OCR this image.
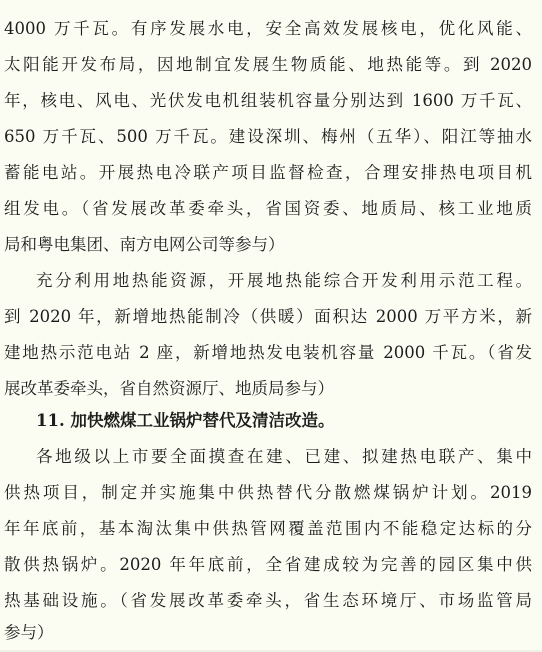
4000 万千瓦。有序发展水电，安全高效发展核电，优化风能、
太阳能开发布局，因地制宜发展生物质能、地热能等。到 2020
年，核电、风电、光伏发电机组装机容量分别达到 1600 万千瓦、
650 万千瓦、500 万千瓦。建设深圳、梅州（五华）、阳江等抽水
蓄能电站。开展热电冷联产项目监督检查，合理安排热电项目机
组发电。（省发展改革委牵头，省国资委、地质局、核工业地质
局和粤电集团、南方电网公司等参与）
充分利用地热能资源，开展地热能综合开发利用示范工程。
到 2020 年，新增地热能制冷（供暖）面积达 2000 万平方米，新
建地热示范电站 2 座，新增地热发电装机容量 2000 千瓦。（省发
展改革委牵头，省自然资源厅、地质局参与）
11. 加快燃煤工业锅炉替代及清洁改造。
各地级以上市要全面摸查在建、已建、拟建热电联产、集中
供热项目，制定并实施集中供热替代分散燃煤锅炉计划。2019
年年底前，基本淘汰集中供热管网覆盖范围内不能稳定达标的分
散供热锅炉。2020 年年底前，全省建成较为完善的园区集中供
热基础设施。（省发展改革委牵头，省生态环境厅、市场监管局
参与）
